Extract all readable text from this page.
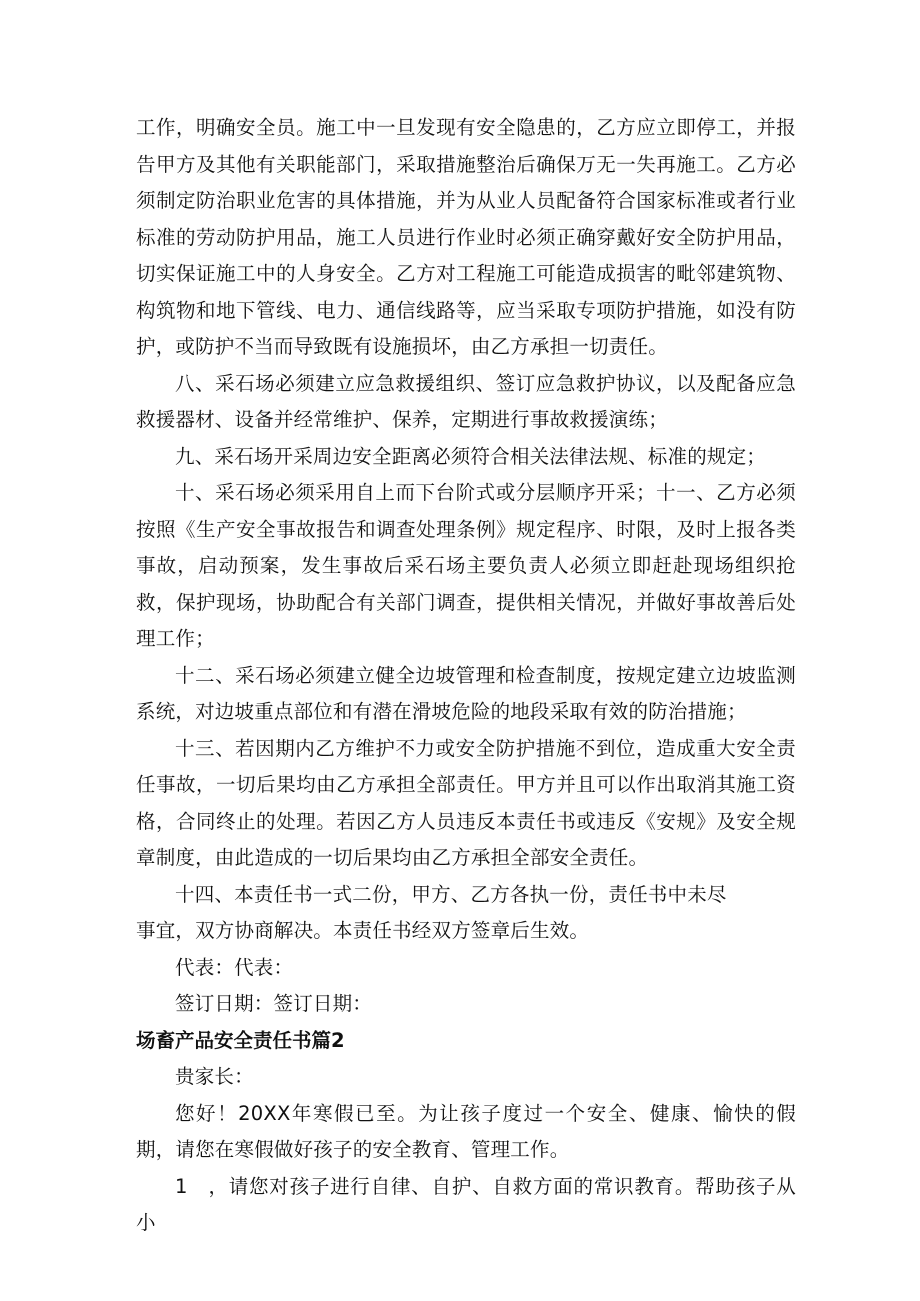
工作，明确安全员。施工中一旦发现有安全隐患的，乙方应立即停工，并报告甲方及其他有关职能部门，采取措施整治后确保万无一失再施工。乙方必须制定防治职业危害的具体措施，并为从业人员配备符合国家标准或者行业标准的劳动防护用品，施工人员进行作业时必须正确穿戴好安全防护用品，切实保证施工中的人身安全。乙方对工程施工可能造成损害的毗邻建筑物、构筑物和地下管线、电力、通信线路等，应当采取专项防护措施，如没有防护，或防护不当而导致既有设施损坏，由乙方承担一切责任。

八、采石场必须建立应急救援组织、签订应急救护协议，以及配备应急救援器材、设备并经常维护、保养，定期进行事故救援演练；

九、采石场开采周边安全距离必须符合相关法律法规、标准的规定；

十、采石场必须采用自上而下台阶式或分层顺序开采；十一、乙方必须按照《生产安全事故报告和调查处理条例》规定程序、时限，及时上报各类事故，启动预案，发生事故后采石场主要负责人必须立即赶赴现场组织抢救，保护现场，协助配合有关部门调查，提供相关情况，并做好事故善后处理工作；

十二、采石场必须建立健全边坡管理和检查制度，按规定建立边坡监测系统，对边坡重点部位和有潜在滑坡危险的地段采取有效的防治措施；

十三、若因期内乙方维护不力或安全防护措施不到位，造成重大安全责任事故，一切后果均由乙方承担全部责任。甲方并且可以作出取消其施工资格，合同终止的处理。若因乙方人员违反本责任书或违反《安规》及安全规章制度，由此造成的一切后果均由乙方承担全部安全责任。

十四、本责任书一式二份，甲方、乙方各执一份，责任书中未尽
事宜，双方协商解决。本责任书经双方签章后生效。

代表：代表：

签订日期：签订日期：

场畜产品安全责任书篇2

贵家长：

您好！20XX年寒假已至。为让孩子度过一个安全、健康、愉快的假期，请您在寒假做好孩子的安全教育、管理工作。

1　，请您对孩子进行自律、自护、自救方面的常识教育。帮助孩子从小
